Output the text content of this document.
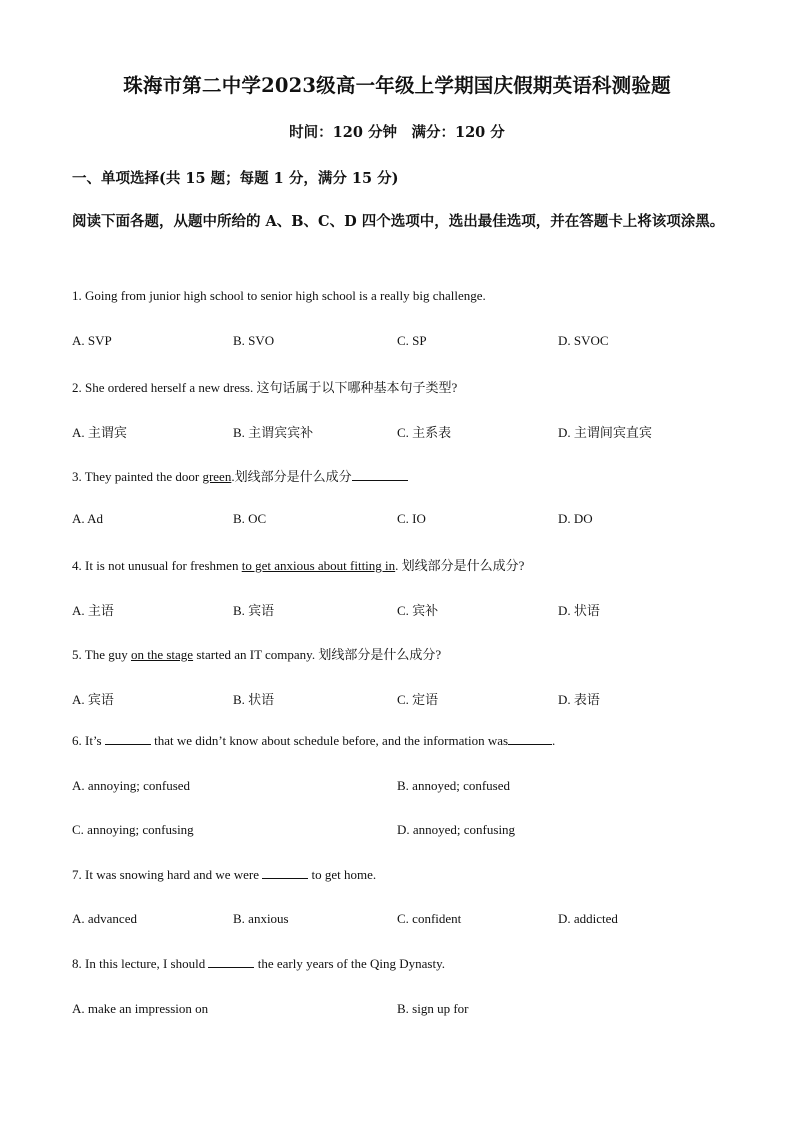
珠海市第二中学2023级高一年级上学期国庆假期英语科测验题
时间：120 分钟　满分：120 分
一、单项选择(共 15 题；每题 1 分，满分 15 分)
阅读下面各题，从题中所给的 A、B、C、D 四个选项中，选出最佳选项，并在答题卡上将该项涂黑。
1. Going from junior high school to senior high school is a really big challenge.
A. SVP	B. SVO	C. SP	D. SVOC
2. She ordered herself a new dress. 这句话属于以下哪种基本句子类型?
A. 主谓宾	B. 主谓宾宾补	C. 主系表	D. 主谓间宾直宾
3. They painted the door green.划线部分是什么成分
A. Ad	B. OC	C. IO	D. DO
4. It is not unusual for freshmen to get anxious about fitting in. 划线部分是什么成分?
A. 主语	B. 宾语	C. 宾补	D. 状语
5. The guy on the stage started an IT company. 划线部分是什么成分?
A. 宾语	B. 状语	C. 定语	D. 表语
6. It’s	that we didn’t know about schedule before, and the information was	.
A. annoying; confused	B. annoyed; confused
C. annoying; confusing	D. annoyed; confusing
7. It was snowing hard and we were	to get home.
A. advanced	B. anxious	C. confident	D. addicted
8. In this lecture, I should	the early years of the Qing Dynasty.
A. make an impression on	B. sign up for
